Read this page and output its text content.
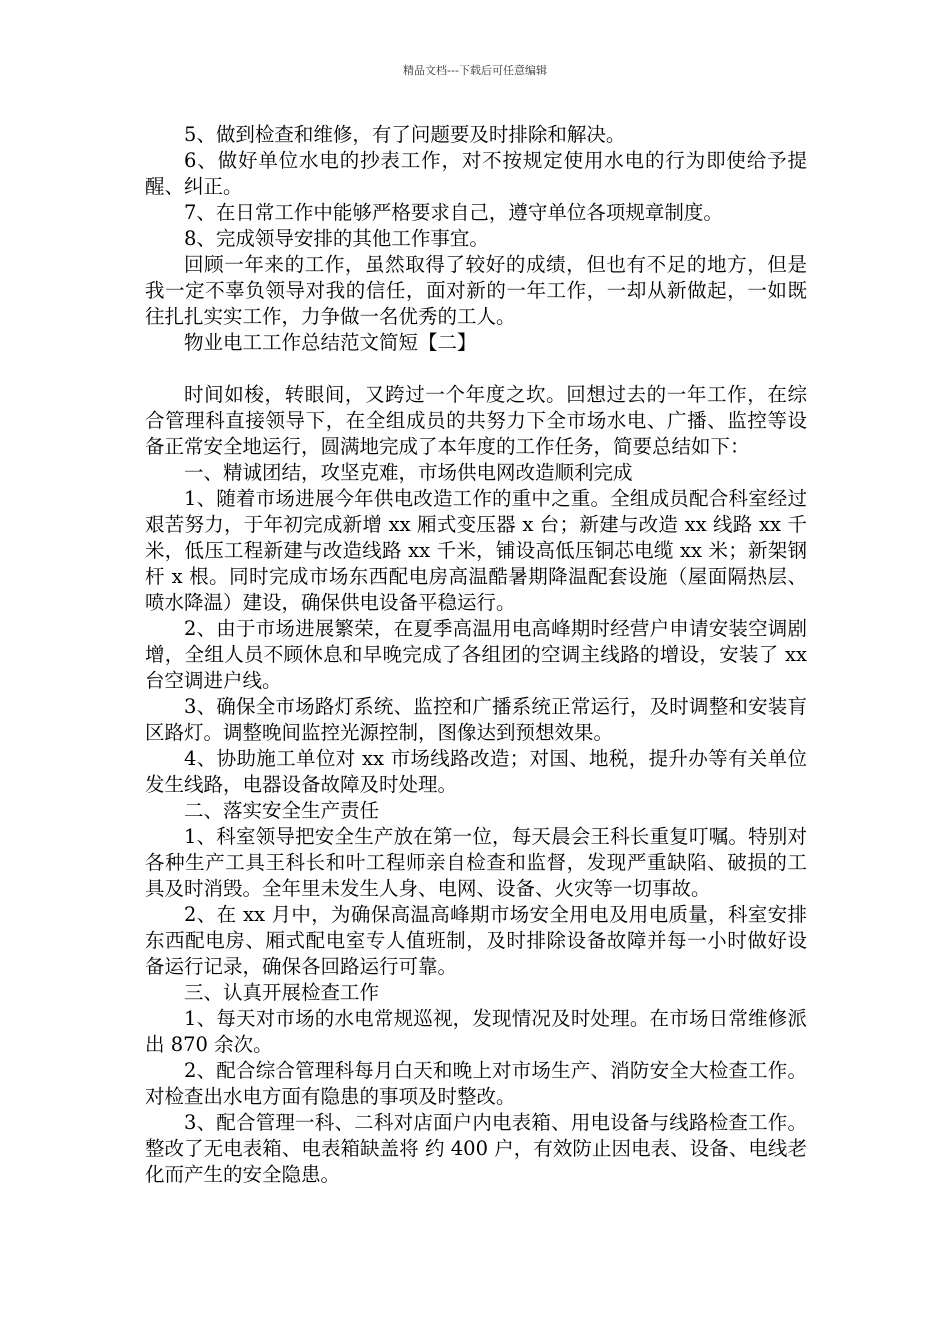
精品文档---下载后可任意编辑

5、做到检查和维修，有了问题要及时排除和解决。

6、做好单位水电的抄表工作，对不按规定使用水电的行为即使给予提醒、纠正。

7、在日常工作中能够严格要求自己，遵守单位各项规章制度。

8、完成领导安排的其他工作事宜。

回顾一年来的工作，虽然取得了较好的成绩，但也有不足的地方，但是我一定不辜负领导对我的信任，面对新的一年工作，一却从新做起，一如既往扎扎实实工作，力争做一名优秀的工人。

物业电工工作总结范文简短【二】

时间如梭，转眼间，又跨过一个年度之坎。回想过去的一年工作，在综合管理科直接领导下，在全组成员的共努力下全市场水电、广播、监控等设备正常安全地运行，圆满地完成了本年度的工作任务，简要总结如下：

一、精诚团结，攻坚克难，市场供电网改造顺利完成

1、随着市场进展今年供电改造工作的重中之重。全组成员配合科室经过艰苦努力，于年初完成新增 xx 厢式变压器 x 台；新建与改造 xx 线路 xx 千米，低压工程新建与改造线路 xx 千米，铺设高低压铜芯电缆 xx 米；新架钢杆 x 根。同时完成市场东西配电房高温酷暑期降温配套设施（屋面隔热层、喷水降温）建设，确保供电设备平稳运行。

2、由于市场进展繁荣，在夏季高温用电高峰期时经营户申请安装空调剧增，全组人员不顾休息和早晚完成了各组团的空调主线路的增设，安装了 xx 台空调进户线。

3、确保全市场路灯系统、监控和广播系统正常运行，及时调整和安装肓区路灯。调整晚间监控光源控制，图像达到预想效果。

4、协助施工单位对 xx 市场线路改造；对国、地税，提升办等有关单位发生线路，电器设备故障及时处理。

二、落实安全生产责任

1、科室领导把安全生产放在第一位，每天晨会王科长重复叮嘱。特别对各种生产工具王科长和叶工程师亲自检查和监督，发现严重缺陷、破损的工具及时消毁。全年里未发生人身、电网、设备、火灾等一切事故。

2、在 xx 月中，为确保高温高峰期市场安全用电及用电质量，科室安排东西配电房、厢式配电室专人值班制，及时排除设备故障并每一小时做好设备运行记录，确保各回路运行可靠。

三、认真开展检查工作

1、每天对市场的水电常规巡视，发现情况及时处理。在市场日常维修派出 870 余次。

2、配合综合管理科每月白天和晚上对市场生产、消防安全大检查工作。对检查出水电方面有隐患的事项及时整改。

3、配合管理一科、二科对店面户内电表箱、用电设备与线路检查工作。整改了无电表箱、电表箱缺盖将 约 400 户，有效防止因电表、设备、电线老化而产生的安全隐患。
